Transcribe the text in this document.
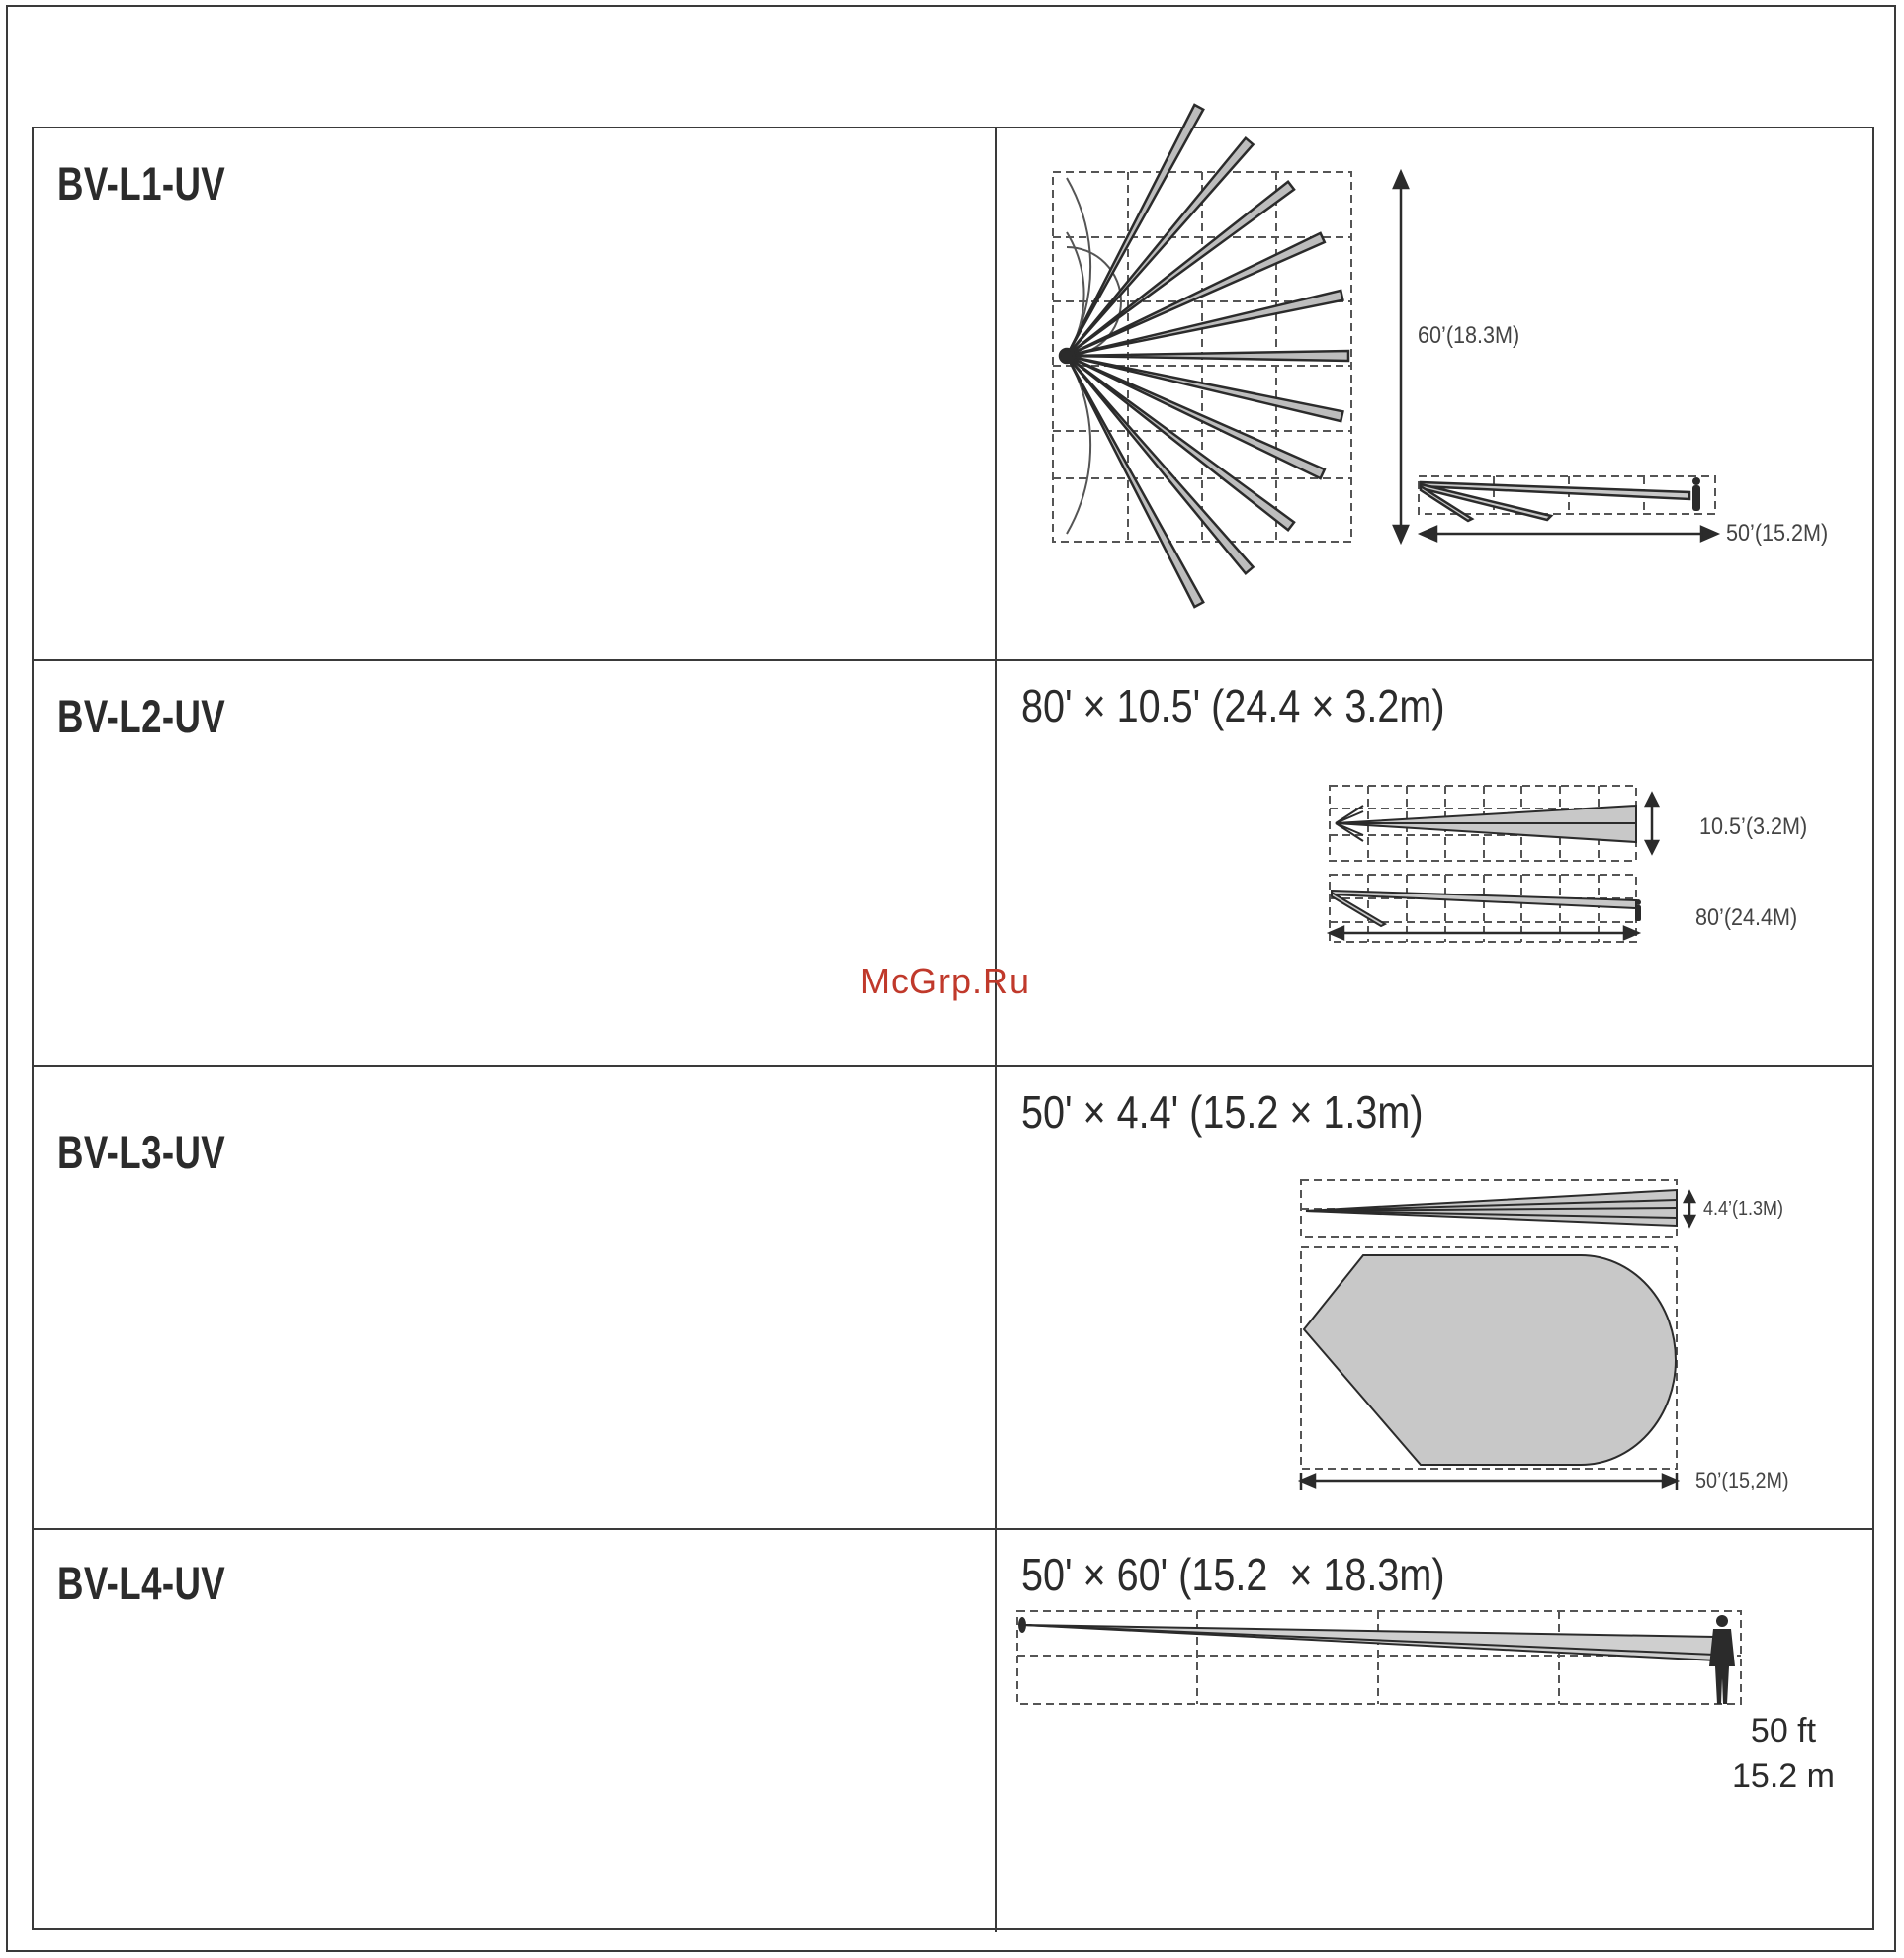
BV-L1-UV
60’(18.3M)
50’(15.2M)
BV-L2-UV	80' × 10.5' (24.4 × 3.2m)
10.5’(3.2M)
80’(24.4M)
BV-L3-UV
50' × 4.4' (15.2 × 1.3m)
4.4’(1.3M)
50’(15,2M)
BV-L4-UV	50' × 60' (15.2  × 18.3m)
50 ft
15.2 m
McGrp.Ru
